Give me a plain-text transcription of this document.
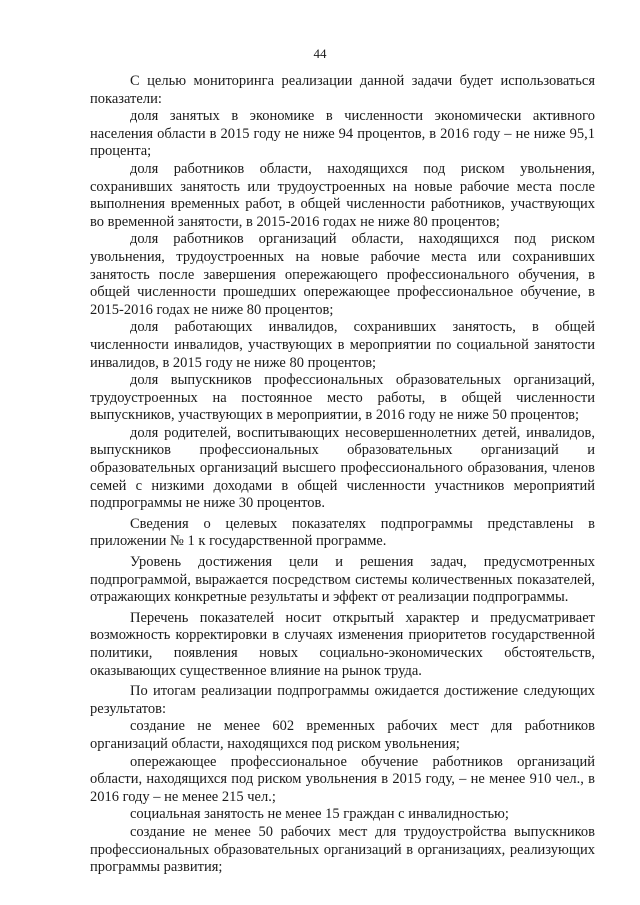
44

С целью мониторинга реализации данной задачи будет использоваться показатели:

доля занятых в экономике в численности экономически активного населения области в 2015 году не ниже 94 процентов, в 2016 году – не ниже 95,1 процента;

доля работников области, находящихся под риском увольнения, сохранивших занятость или трудоустроенных на новые рабочие места после выполнения временных работ, в общей численности работников, участвующих во временной занятости, в 2015-2016 годах не ниже 80 процентов;

доля работников организаций области, находящихся под риском увольнения, трудоустроенных на новые рабочие места или сохранивших занятость после завершения опережающего профессионального обучения, в общей численности прошедших опережающее профессиональное обучение, в 2015-2016 годах не ниже 80 процентов;

доля работающих инвалидов, сохранивших занятость, в общей численности инвалидов, участвующих в мероприятии по социальной занятости инвалидов, в 2015 году не ниже 80 процентов;

доля выпускников профессиональных образовательных организаций, трудоустроенных на постоянное место работы, в общей численности выпускников, участвующих в мероприятии, в 2016 году не ниже 50 процентов;

доля родителей, воспитывающих несовершеннолетних детей, инвалидов, выпускников профессиональных образовательных организаций и образовательных организаций высшего профессионального образования, членов семей с низкими доходами в общей численности участников мероприятий подпрограммы не ниже 30 процентов.

Сведения о целевых показателях подпрограммы представлены в приложении № 1 к государственной программе.

Уровень достижения цели и решения задач, предусмотренных подпрограммой, выражается посредством системы количественных показателей, отражающих конкретные результаты и эффект от реализации подпрограммы.

Перечень показателей носит открытый характер и предусматривает возможность корректировки в случаях изменения приоритетов государственной политики, появления новых социально-экономических обстоятельств, оказывающих существенное влияние на рынок труда.

По итогам реализации подпрограммы ожидается достижение следующих результатов:

создание не менее 602 временных рабочих мест для работников организаций области, находящихся под риском увольнения;

опережающее профессиональное обучение работников организаций области, находящихся под риском увольнения в 2015 году, – не менее 910 чел., в 2016 году – не менее 215 чел.;

социальная занятость не менее 15 граждан с инвалидностью;

создание не менее 50 рабочих мест для трудоустройства выпускников профессиональных образовательных организаций в организациях, реализующих программы развития;
